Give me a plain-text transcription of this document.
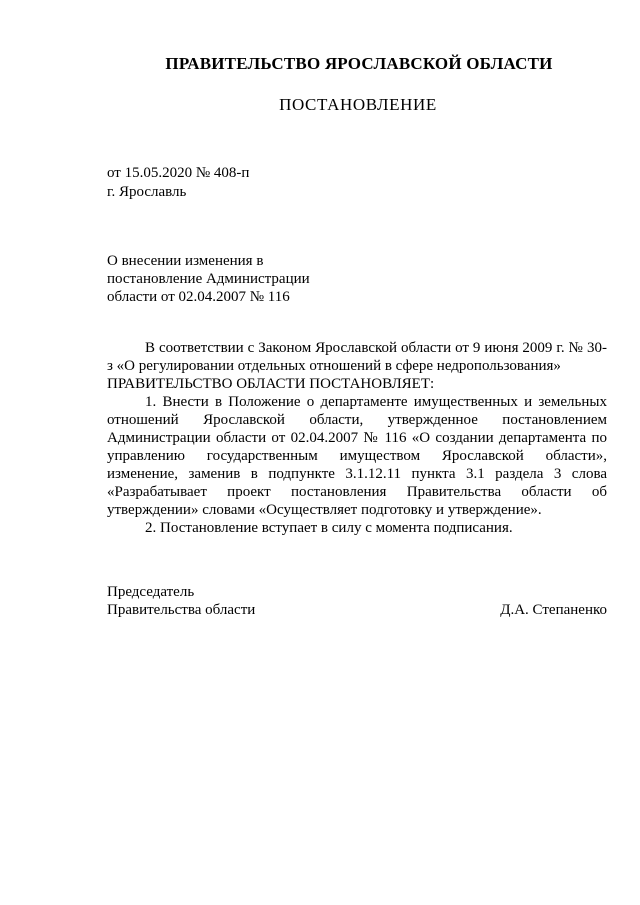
ПРАВИТЕЛЬСТВО ЯРОСЛАВСКОЙ ОБЛАСТИ
ПОСТАНОВЛЕНИЕ
от 15.05.2020 № 408-п
г. Ярославль
О внесении изменения в
постановление Администрации
области от 02.04.2007 № 116

В соответствии с Законом Ярославской области от 9 июня 2009 г. № 30-з «О регулировании отдельных отношений в сфере недропользования»

ПРАВИТЕЛЬСТВО ОБЛАСТИ ПОСТАНОВЛЯЕТ:

1. Внести в Положение о департаменте имущественных и земельных отношений Ярославской области, утвержденное постановлением Администрации области от 02.04.2007 № 116 «О создании департамента по управлению государственным имуществом Ярославской области», изменение, заменив в подпункте 3.1.12.11 пункта 3.1 раздела 3 слова «Разрабатывает проект постановления Правительства области об утверждении» словами «Осуществляет подготовку и утверждение».

2. Постановление вступает в силу с момента подписания.

Председатель
Правительства области	Д.А. Степаненко
